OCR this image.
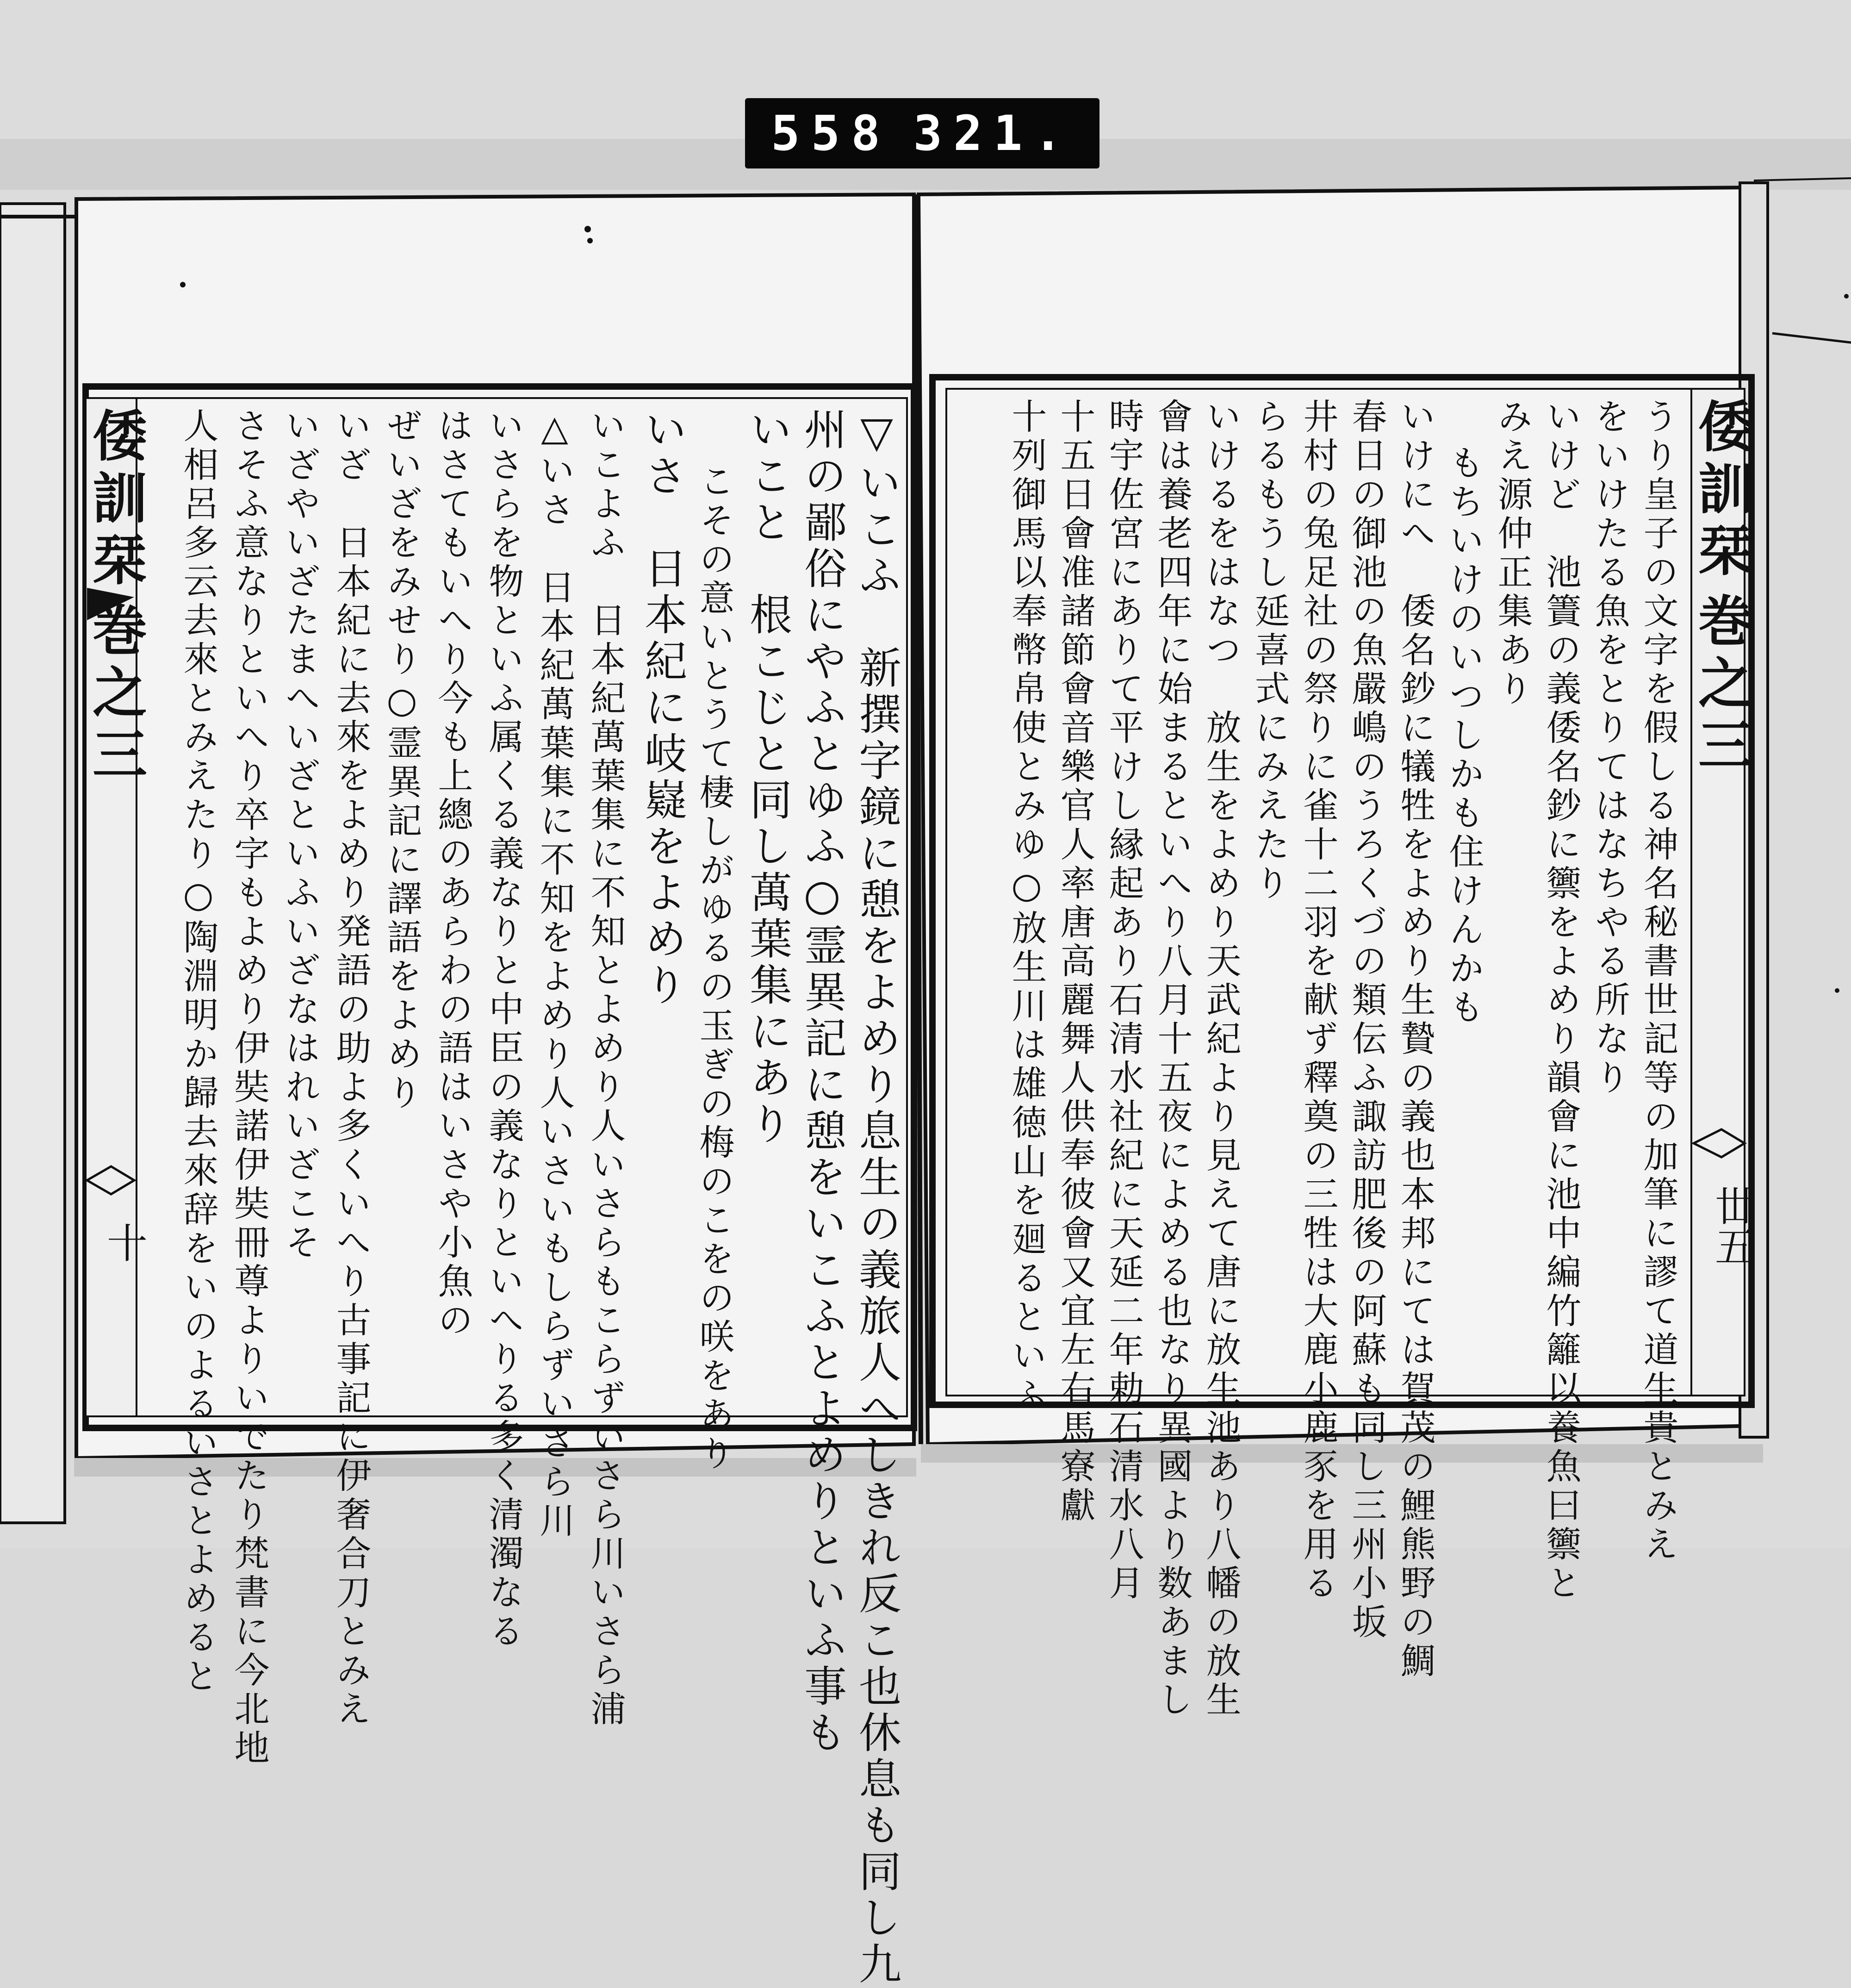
558 321.
倭訓栞
巻之三
十	▽いこふ　新撰字鏡に憩をよめり息生の義旅人へしきれ反こ也休息も同し九
州の鄙俗にやふとゆふ○霊異記に憩をいこふとよめりといふ事も
いこと　根こじと同し萬葉集にあり
こその意いとうて棲しがゆるの玉ぎの梅のこをの咲をあり
いさ　日本紀に岐嶷をよめり
いこよふ　日本紀萬葉集に不知とよめり人いさらもこらずいさら川いさら浦
△いさ　日本紀萬葉集に不知をよめり人いさいもしらずいさら川
いさらを物といふ属くる義なりと中臣の義なりといへりる多く清濁なる
はさてもいへり今も上總のあらわの語はいさや小魚の
ぜいざをみせり○霊異記に譯語をよめり
いざ　日本紀に去來をよめり発語の助よ多くいへり古事記に伊奢合刀とみえ
いざやいざたまへいざといふいざなはれいざこそ
さそふ意なりといへり卒字もよめり伊奘諾伊奘冊尊よりいでたり梵書に今北地
人相呂多云去來とみえたり○陶淵明か歸去來辞をいのよるいさとよめると	倭訓栞
巻之三
丗五
うり皇子の文字を假しる神名秘書世記等の加筆に謬て道生貴とみえ
をいけたる魚をとりてはなちやる所なり
いけど　池簀の義倭名鈔に籞をよめり韻會に池中編竹籬以養魚曰籞と
みえ源仲正集あり
もちいけのいつしかも住けんかも
いけにへ　倭名鈔に犠牲をよめり生贄の義也本邦にては賀茂の鯉熊野の鯛
春日の御池の魚嚴嶋のうろくづの類伝ふ諏訪肥後の阿蘇も同し三州小坂
井村の兔足社の祭りに雀十二羽を献ず釋奠の三牲は大鹿小鹿豕を用る
らるもうし延喜式にみえたり
いけるをはなつ　放生をよめり天武紀より見えて唐に放生池あり八幡の放生
會は養老四年に始まるといへり八月十五夜によめる也なり異國より数あまし
時宇佐宮にありて平けし縁起あり石清水社紀に天延二年勅石清水八月
十五日會准諸節會音樂官人率唐高麗舞人供奉彼會又宜左右馬寮獻
十列御馬以奉幣帛使とみゆ○放生川は雄徳山を廻るといふ
